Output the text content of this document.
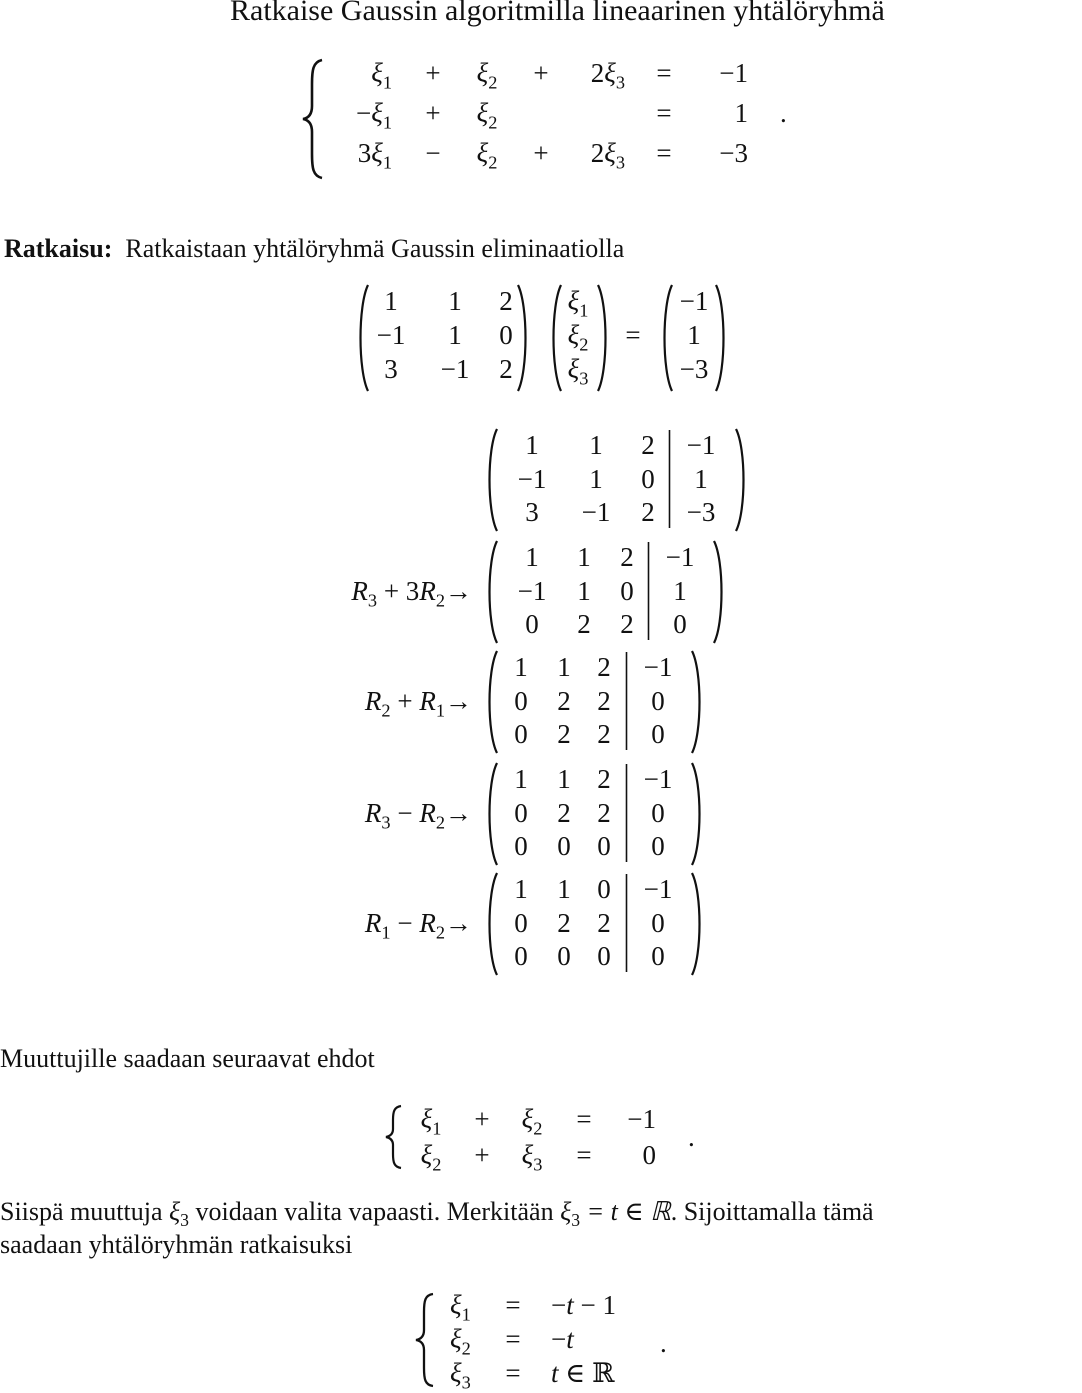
Ratkaise Gaussin algoritmilla lineaarinen yhtälöryhmä
$\xi_1 + \xi_2 + 2\xi_3 = -1$
$-\xi_1 + \xi_2$	= 1
$3\xi_1 - \xi_2 + 2\xi_3 = -3$
.
Ratkaisu: Ratkaistaan yhtälöryhmä Gaussin eliminaatiolla
1 1 2
−1 1 0
3 −1 2
$\xi_1$
$\xi_2$
$\xi_3$
=
−1
1
−3
1 1 2 −1
−1 1 0 1
3 −1 2 −3
$R_3 + 3R_2\to$
1 1 2 −1
−1 1 0 1
0 2 2 0
$R_2 + R_1\to$
1 1 2 −1
0 2 2 0
0 2 2 0
$R_3 - R_2\to$
1 1 2 −1
0 2 2 0
0 0 0 0
$R_1 - R_2\to$
1 1 0 −1
0 2 2 0
0 0 0 0
Muuttujille saadaan seuraavat ehdot
$\xi_1 + \xi_2 = -1$
$\xi_2 + \xi_3 = 0$
.
Siispä muuttuja $\xi_3$ voidaan valita vapaasti. Merkitään $\xi_3 = t$ ∈ ℝ. Sijoittamalla tämä
saadaan yhtälöryhmän ratkaisuksi
$\xi_1 = -t - 1$
$\xi_2 = -t$
$\xi_3 = t$ ∈ ℝ
.
